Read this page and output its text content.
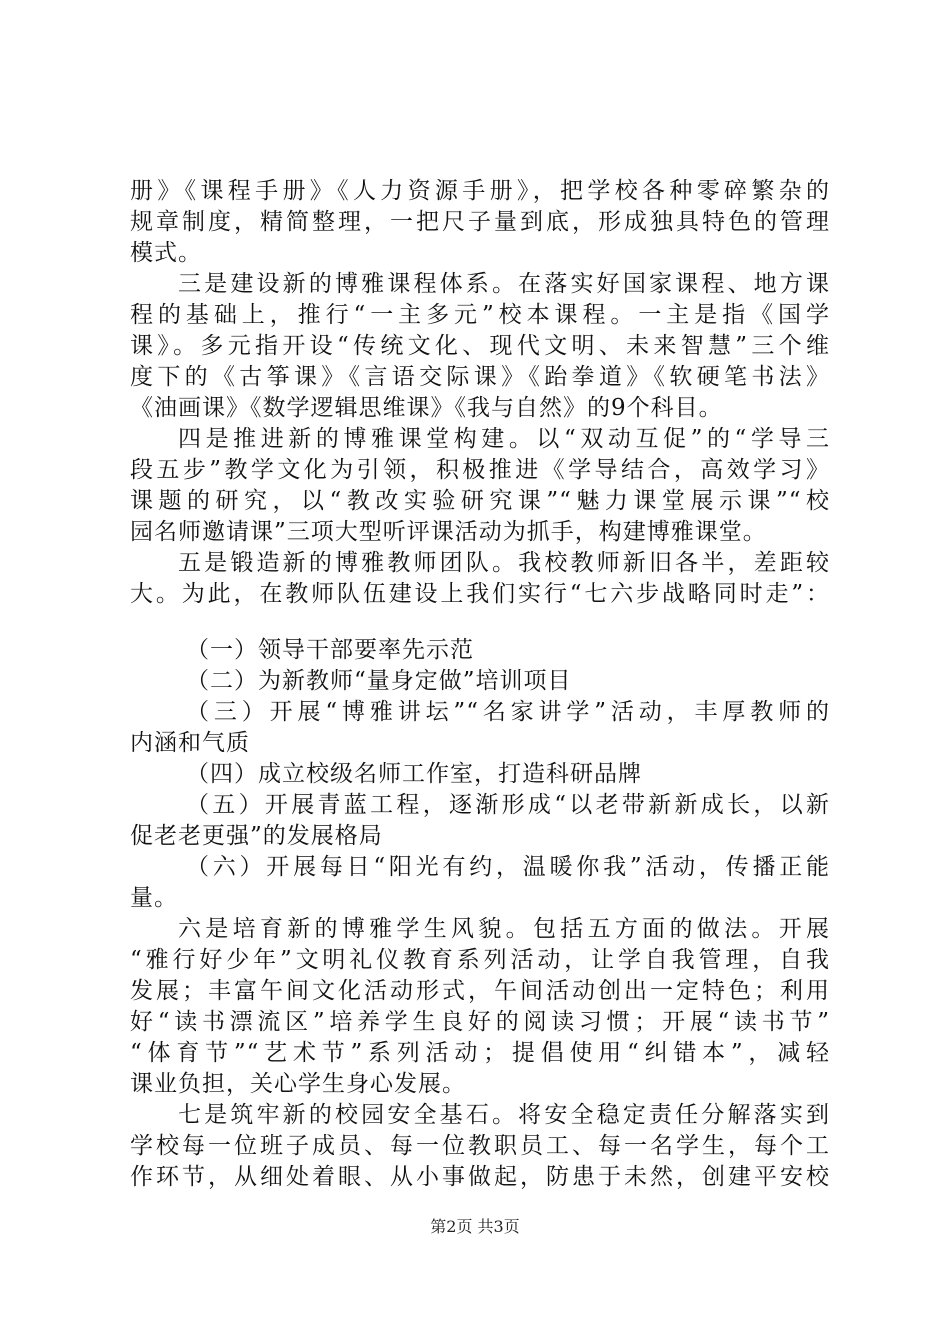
册》《课程手册》《人力资源手册》，把学校各种零碎繁杂的
规章制度，精简整理，一把尺子量到底，形成独具特色的管理
模式。
三是建设新的博雅课程体系。在落实好国家课程、地方课
程的基础上，推行“一主多元”校本课程。一主是指《国学
课》。多元指开设“传统文化、现代文明、未来智慧”三个维
度下的《古筝课》《言语交际课》《跆拳道》《软硬笔书法》
《油画课》《数学逻辑思维课》《我与自然》的9个科目。
四是推进新的博雅课堂构建。以“双动互促”的“学导三
段五步”教学文化为引领，积极推进《学导结合，高效学习》
课题的研究，以“教改实验研究课”“魅力课堂展示课”“校
园名师邀请课”三项大型听评课活动为抓手，构建博雅课堂。
五是锻造新的博雅教师团队。我校教师新旧各半，差距较
大。为此，在教师队伍建设上我们实行“七六步战略同时走”：
（一）领导干部要率先示范
（二）为新教师“量身定做”培训项目
（三）开展“博雅讲坛”“名家讲学”活动，丰厚教师的
内涵和气质
（四）成立校级名师工作室，打造科研品牌
（五）开展青蓝工程，逐渐形成“以老带新新成长，以新
促老老更强”的发展格局
（六）开展每日“阳光有约，温暖你我”活动，传播正能
量。
六是培育新的博雅学生风貌。包括五方面的做法。开展
“雅行好少年”文明礼仪教育系列活动，让学自我管理，自我
发展；丰富午间文化活动形式，午间活动创出一定特色；利用
好“读书漂流区”培养学生良好的阅读习惯；开展“读书节”
“体育节”“艺术节”系列活动；提倡使用“纠错本”，减轻
课业负担，关心学生身心发展。
七是筑牢新的校园安全基石。将安全稳定责任分解落实到
学校每一位班子成员、每一位教职员工、每一名学生，每个工
作环节，从细处着眼、从小事做起，防患于未然，创建平安校
第2页 共3页
